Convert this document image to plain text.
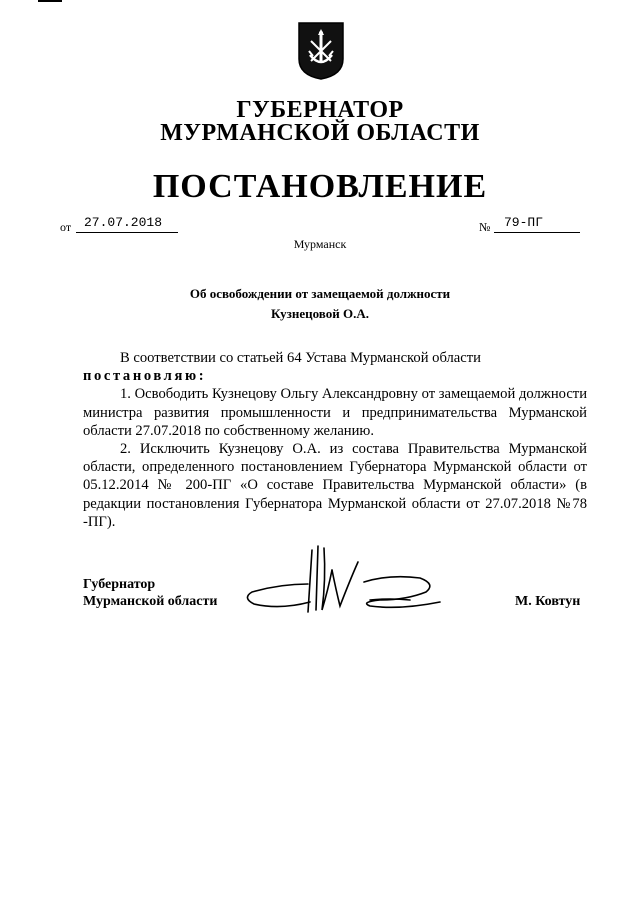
ГУБЕРНАТОР
МУРМАНСКОЙ ОБЛАСТИ
ПОСТАНОВЛЕНИЕ
от 27.07.2018	№	79-ПГ
Мурманск
Об освобождении от замещаемой должности
Кузнецовой О.А.

В соответствии со статьей 64 Устава Мурманской области

постановляю:

1. Освободить Кузнецову Ольгу Александровну от замещаемой должности министра развития промышленности и предпринимательства Мурманской области 27.07.2018 по собственному желанию.

2. Исключить Кузнецову О.А. из состава Правительства Мурманской области, определенного постановлением Губернатора Мурманской области от 05.12.2014 № 200-ПГ «О составе Правительства Мурманской области» (в редакции постановления Губернатора Мурманской области от 27.07.2018 №78 -ПГ).

Губернатор
Мурманской области	М. Ковтун
